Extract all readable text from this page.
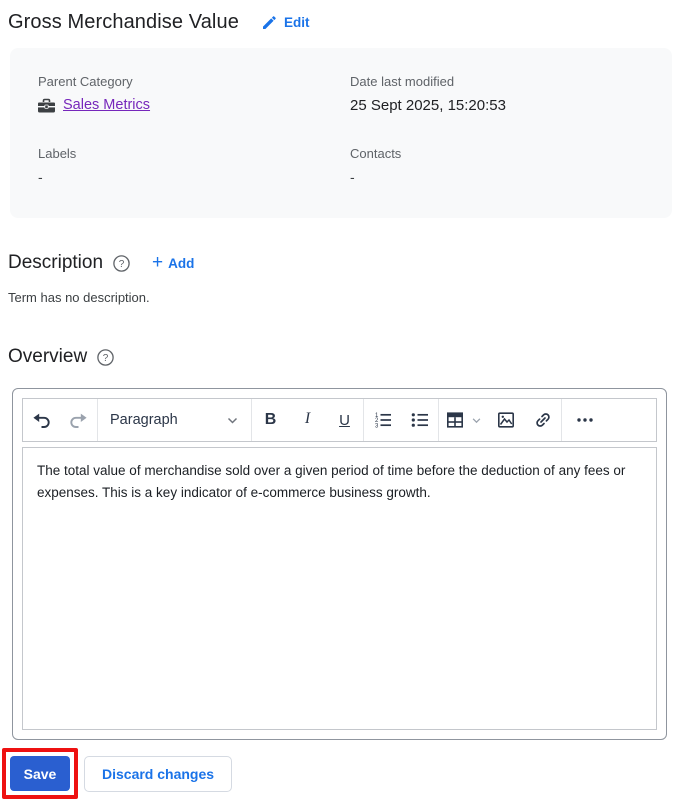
Gross Merchandise Value	Edit
Parent Category
Sales Metrics
Date last modified
25 Sept 2025, 15:20:53
Labels
-
Contacts
-
Description ? + Add
Term has no description.
Overview ?
Paragraph	B	I	U	1
2
3
The total value of merchandise sold over a given period of time before the deduction of any fees or expenses. This is a key indicator of e-commerce business growth.
Save	Discard changes
